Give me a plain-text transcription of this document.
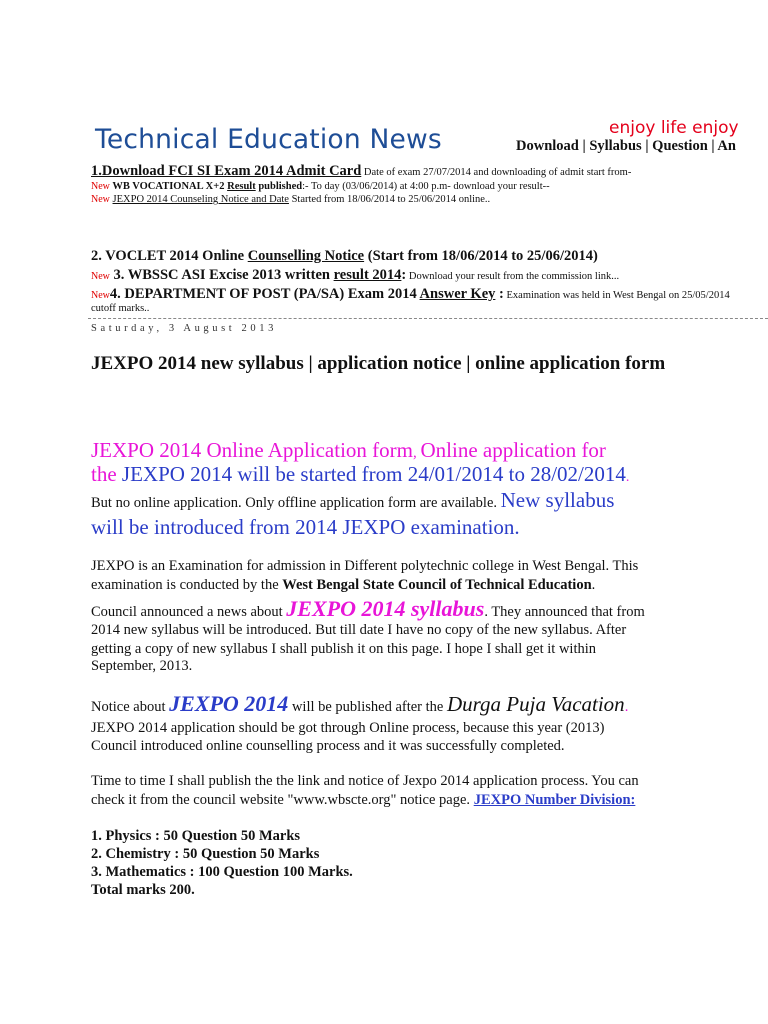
Technical Education News	enjoy life enjoy
Download | Syllabus | Question | An
1.Download FCI SI Exam 2014 Admit Card Date of exam 27/07/2014 and downloading of admit start from-
New WB VOCATIONAL X+2 Result published:- To day (03/06/2014) at 4:00 p.m- download your result--
New JEXPO 2014 Counseling Notice and Date Started from 18/06/2014 to 25/06/2014 online..
2. VOCLET 2014 Online Counselling Notice (Start from 18/06/2014 to 25/06/2014)
New 3. WBSSC ASI Excise 2013 written result 2014: Download your result from the commission link...
New4. DEPARTMENT OF POST (PA/SA) Exam 2014 Answer Key : Examination was held in West Bengal on 25/05/2014
cutoff marks..
Saturday, 3 August 2013
JEXPO 2014 new syllabus | application notice | online application form
JEXPO 2014 Online Application form, Online application for
the JEXPO 2014 will be started from 24/01/2014 to 28/02/2014.
But no online application. Only offline application form are available. New syllabus
will be introduced from 2014 JEXPO examination.
JEXPO is an Examination for admission in Different polytechnic college in West Bengal. This
examination is conducted by the West Bengal State Council of Technical Education.
Council announced a news about JEXPO 2014 syllabus. They announced that from
2014 new syllabus will be introduced. But till date I have no copy of the new syllabus. After
getting a copy of new syllabus I shall publish it on this page. I hope I shall get it within
September, 2013.
Notice about JEXPO 2014 will be published after the Durga Puja Vacation.
JEXPO 2014 application should be got through Online process, because this year (2013)
Council introduced online counselling process and it was successfully completed.
Time to time I shall publish the the link and notice of Jexpo 2014 application process. You can
check it from the council website "www.wbscte.org" notice page. JEXPO Number Division:
1. Physics : 50 Question 50 Marks
2. Chemistry : 50 Question 50 Marks
3. Mathematics : 100 Question 100 Marks.
Total marks 200.
